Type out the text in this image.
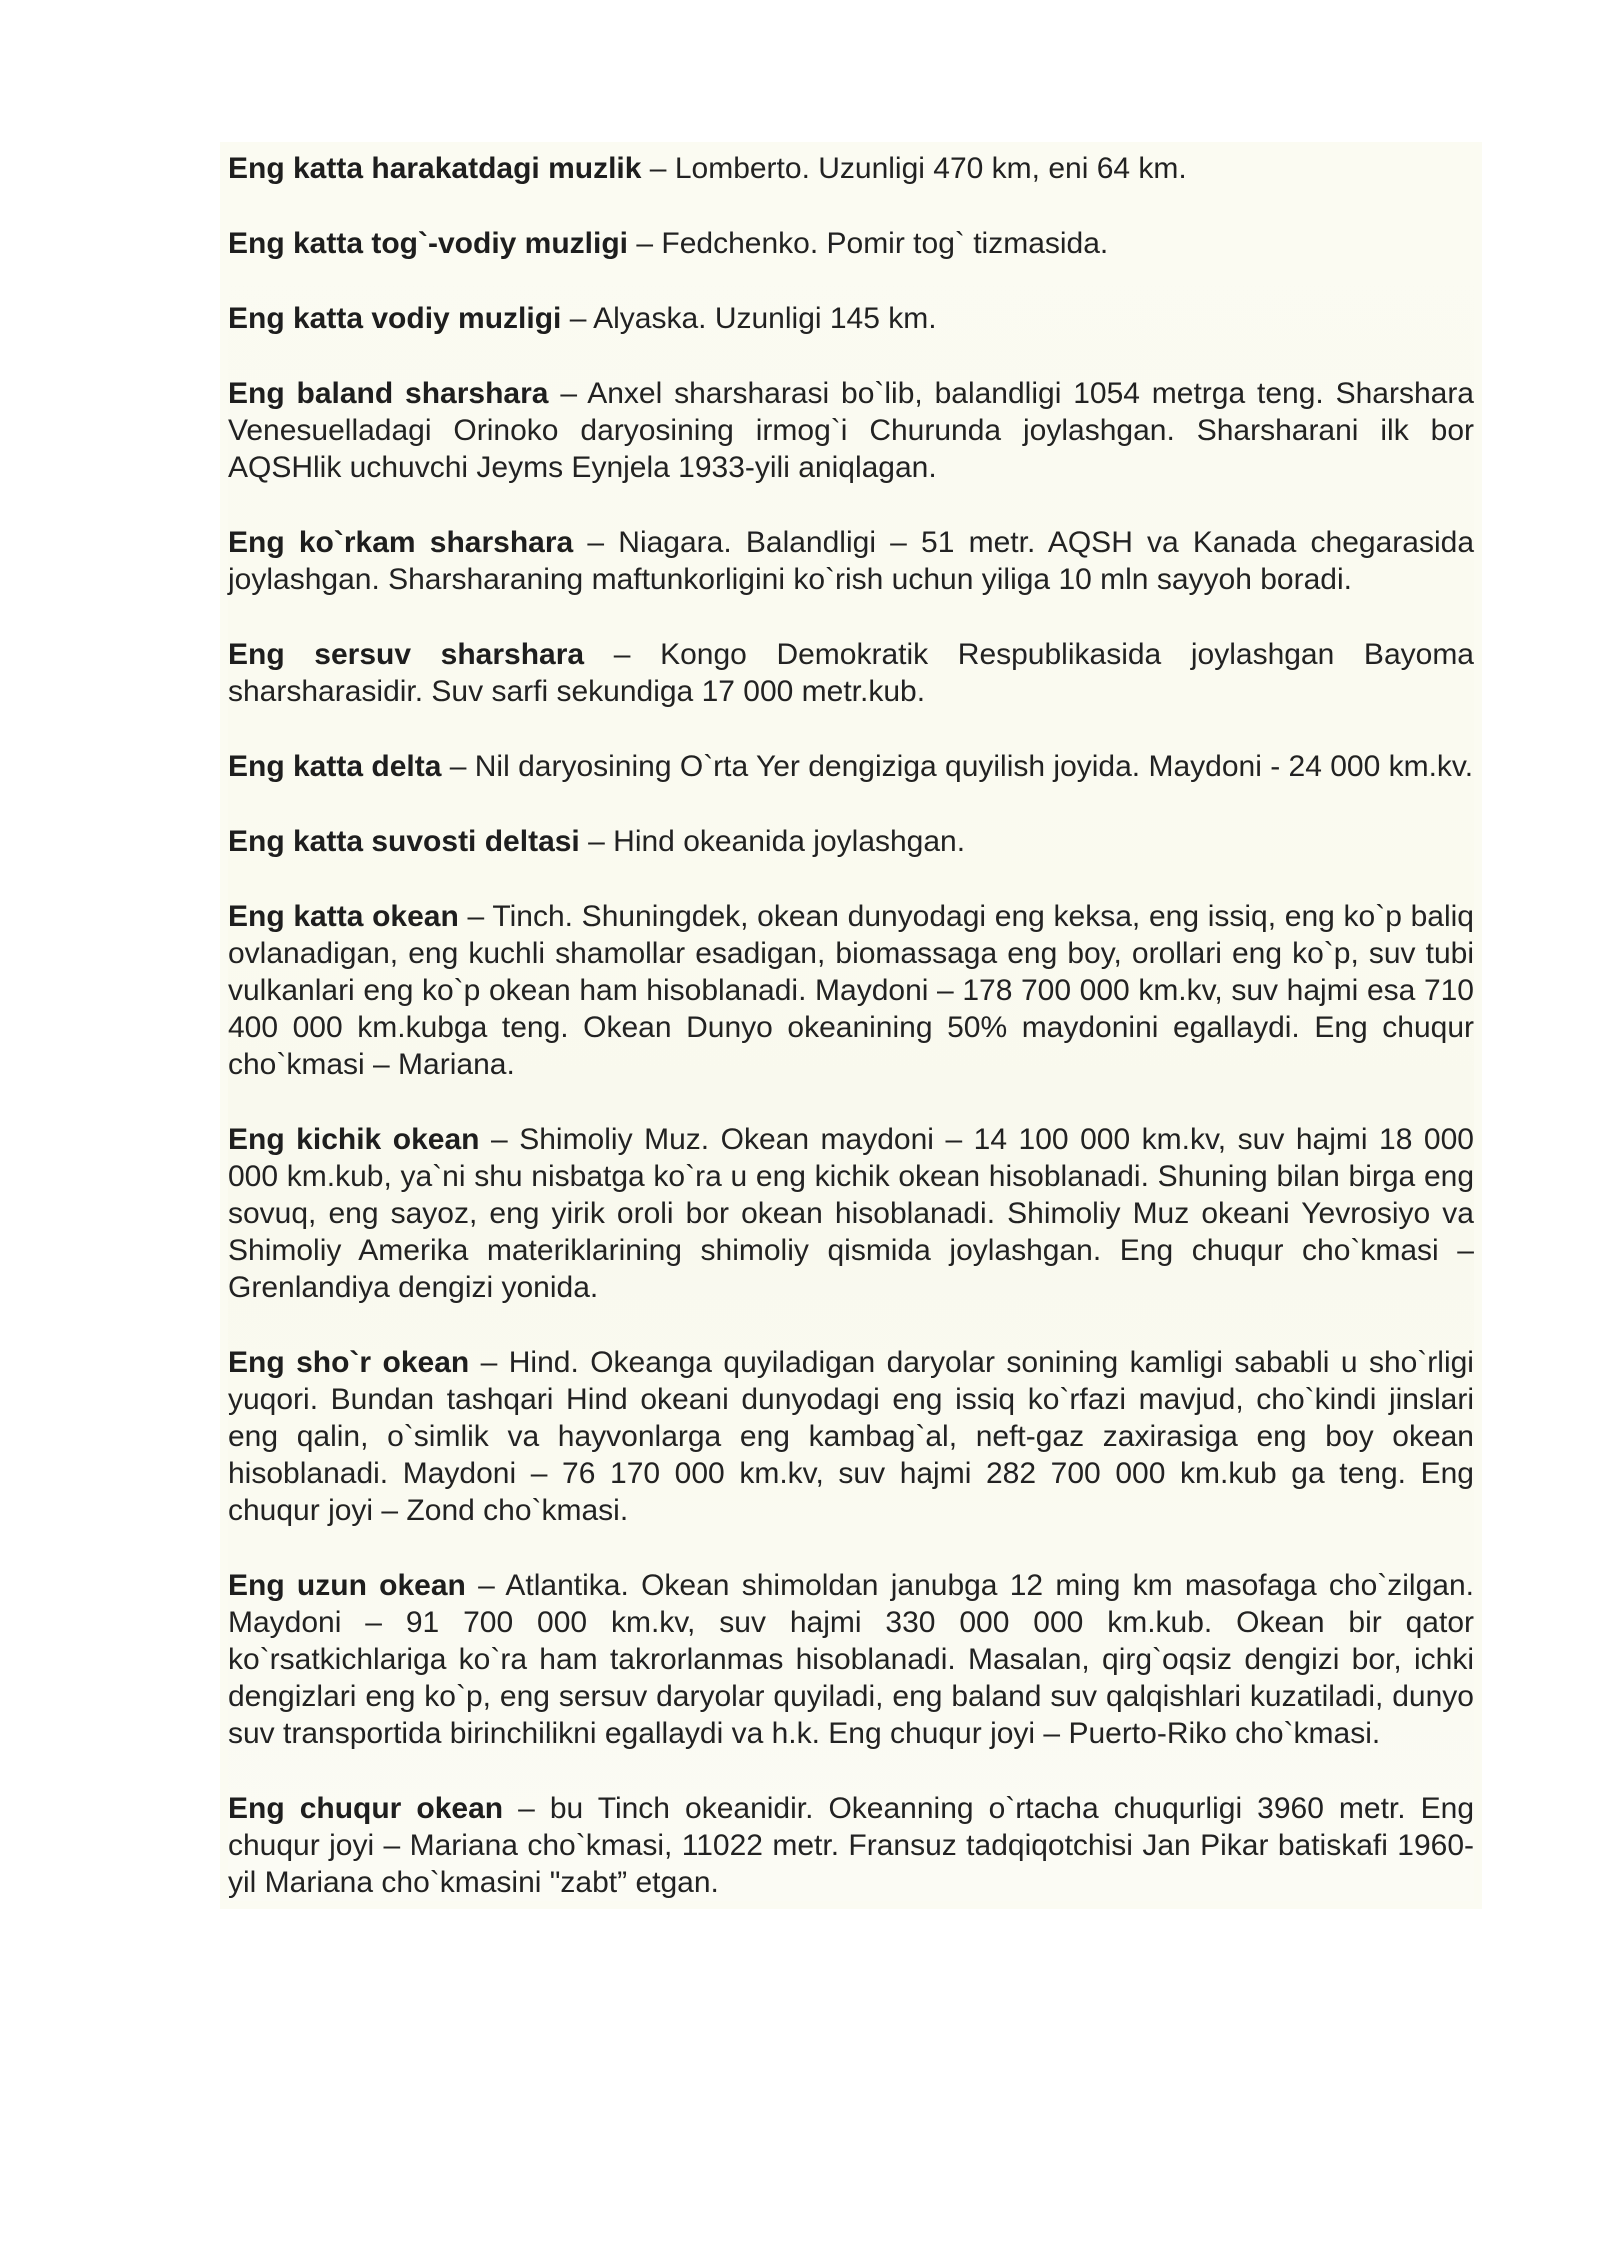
Eng katta harakatdagi muzlik – Lomberto. Uzunligi 470 km, eni 64 km.

Eng katta tog`-vodiy muzligi – Fedchenko. Pomir tog` tizmasida.

Eng katta vodiy muzligi – Alyaska. Uzunligi 145 km.

Eng baland sharshara – Anxel sharsharasi bo`lib, balandligi 1054 metrga teng. Sharshara Venesuelladagi Orinoko daryosining irmog`i Churunda joylashgan. Sharsharani ilk bor AQSHlik uchuvchi Jeyms Eynjela 1933-yili aniqlagan.

Eng ko`rkam sharshara – Niagara. Balandligi – 51 metr. AQSH va Kanada chegarasida joylashgan. Sharsharaning maftunkorligini ko`rish uchun yiliga 10 mln sayyoh boradi.

Eng sersuv sharshara – Kongo Demokratik Respublikasida joylashgan Bayoma sharsharasidir. Suv sarfi sekundiga 17 000 metr.kub.

Eng katta delta – Nil daryosining O`rta Yer dengiziga quyilish joyida. Maydoni - 24 000 km.kv.

Eng katta suvosti deltasi – Hind okeanida joylashgan.

Eng katta okean – Tinch. Shuningdek, okean dunyodagi eng keksa, eng issiq, eng ko`p baliq ovlanadigan, eng kuchli shamollar esadigan, biomassaga eng boy, orollari eng ko`p, suv tubi vulkanlari eng ko`p okean ham hisoblanadi. Maydoni – 178 700 000 km.kv, suv hajmi esa 710 400 000 km.kubga teng. Okean Dunyo okeanining 50% maydonini egallaydi. Eng chuqur cho`kmasi – Mariana.

Eng kichik okean – Shimoliy Muz. Okean maydoni – 14 100 000 km.kv, suv hajmi 18 000 000 km.kub, ya`ni shu nisbatga ko`ra u eng kichik okean hisoblanadi. Shuning bilan birga eng sovuq, eng sayoz, eng yirik oroli bor okean hisoblanadi. Shimoliy Muz okeani Yevrosiyo va Shimoliy Amerika materiklarining shimoliy qismida joylashgan. Eng chuqur cho`kmasi – Grenlandiya dengizi yonida.

Eng sho`r okean – Hind. Okeanga quyiladigan daryolar sonining kamligi sababli u sho`rligi yuqori. Bundan tashqari Hind okeani dunyodagi eng issiq ko`rfazi mavjud, cho`kindi jinslari eng qalin, o`simlik va hayvonlarga eng kambag`al, neft-gaz zaxirasiga eng boy okean hisoblanadi. Maydoni – 76 170 000 km.kv, suv hajmi 282 700 000 km.kub ga teng. Eng chuqur joyi – Zond cho`kmasi.

Eng uzun okean – Atlantika. Okean shimoldan janubga 12 ming km masofaga cho`zilgan. Maydoni – 91 700 000 km.kv, suv hajmi 330 000 000 km.kub. Okean bir qator ko`rsatkichlariga ko`ra ham takrorlanmas hisoblanadi. Masalan, qirg`oqsiz dengizi bor, ichki dengizlari eng ko`p, eng sersuv daryolar quyiladi, eng baland suv qalqishlari kuzatiladi, dunyo suv transportida birinchilikni egallaydi va h.k. Eng chuqur joyi – Puerto-Riko cho`kmasi.

Eng chuqur okean – bu Tinch okeanidir. Okeanning o`rtacha chuqurligi 3960 metr. Eng chuqur joyi – Mariana cho`kmasi, 11022 metr. Fransuz tadqiqotchisi Jan Pikar batiskafi 1960-yil Mariana cho`kmasini "zabt” etgan.
